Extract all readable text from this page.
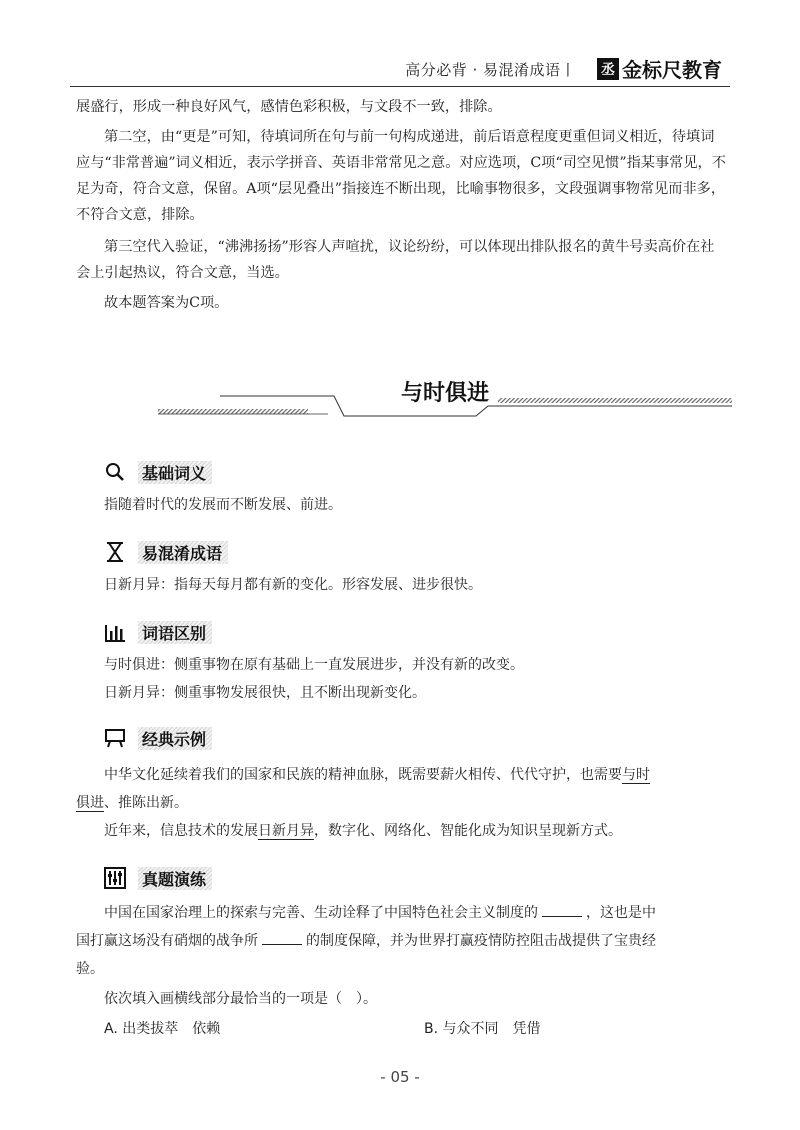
高分必背 · 易混淆成语丨 丞 金标尺教育

展盛行，形成一种良好风气，感情色彩积极，与文段不一致，排除。

第二空，由“更是”可知，待填词所在句与前一句构成递进，前后语意程度更重但词义相近，待填词应与“非常普遍”词义相近，表示学拼音、英语非常常见之意。对应选项，C项“司空见惯”指某事常见，不足为奇，符合文意，保留。A项“层见叠出”指接连不断出现，比喻事物很多，文段强调事物常见而非多，不符合文意，排除。

第三空代入验证，“沸沸扬扬”形容人声喧扰，议论纷纷，可以体现出排队报名的黄牛号卖高价在社会上引起热议，符合文意，当选。

故本题答案为C项。

与时俱进
基础词义

指随着时代的发展而不断发展、前进。

易混淆成语

日新月异：指每天每月都有新的变化。形容发展、进步很快。

词语区别

与时俱进：侧重事物在原有基础上一直发展进步，并没有新的改变。

日新月异：侧重事物发展很快，且不断出现新变化。

经典示例

中华文化延续着我们的国家和民族的精神血脉，既需要薪火相传、代代守护，也需要与时

俱进、推陈出新。

近年来，信息技术的发展日新月异，数字化、网络化、智能化成为知识呈现新方式。

真题演练

中国在国家治理上的探索与完善、生动诠释了中国特色社会主义制度的	，这也是中

国打赢这场没有硝烟的战争所	的制度保障，并为世界打赢疫情防控阻击战提供了宝贵经

验。

依次填入画横线部分最恰当的一项是（　）。

A. 出类拔萃　依赖	B. 与众不同　凭借
- 05 -
